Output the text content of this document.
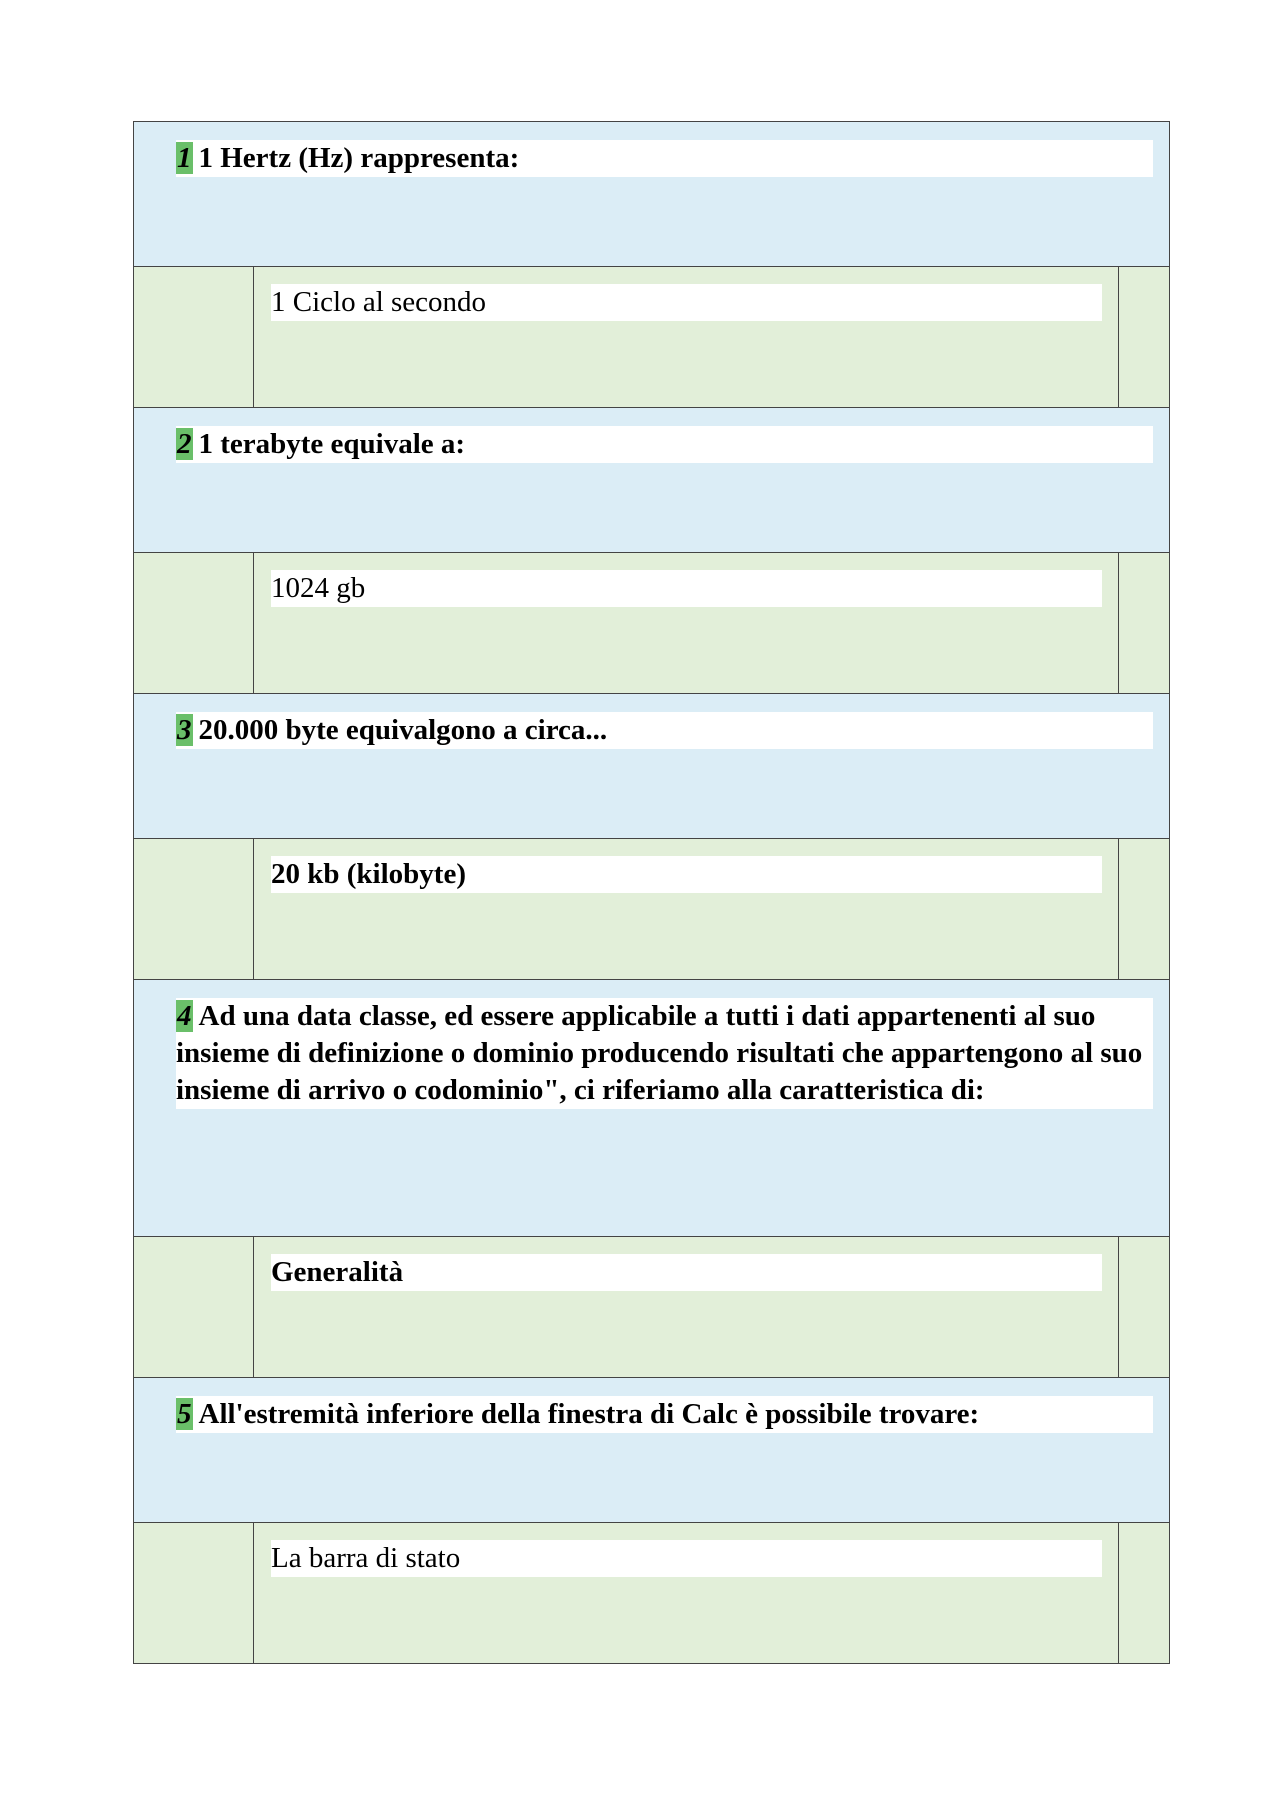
1 1 Hertz (Hz) rappresenta:

1 Ciclo al secondo

2 1 terabyte equivale a:

1024 gb

3 20.000 byte equivalgono a circa...

20 kb (kilobyte)

4 Ad una data classe, ed essere applicabile a tutti i dati appartenenti al suo insieme di definizione o dominio producendo risultati che appartengono al suo insieme di arrivo o codominio", ci riferiamo alla caratteristica di:

Generalità

5 All'estremità inferiore della finestra di Calc è possibile trovare:

La barra di stato
